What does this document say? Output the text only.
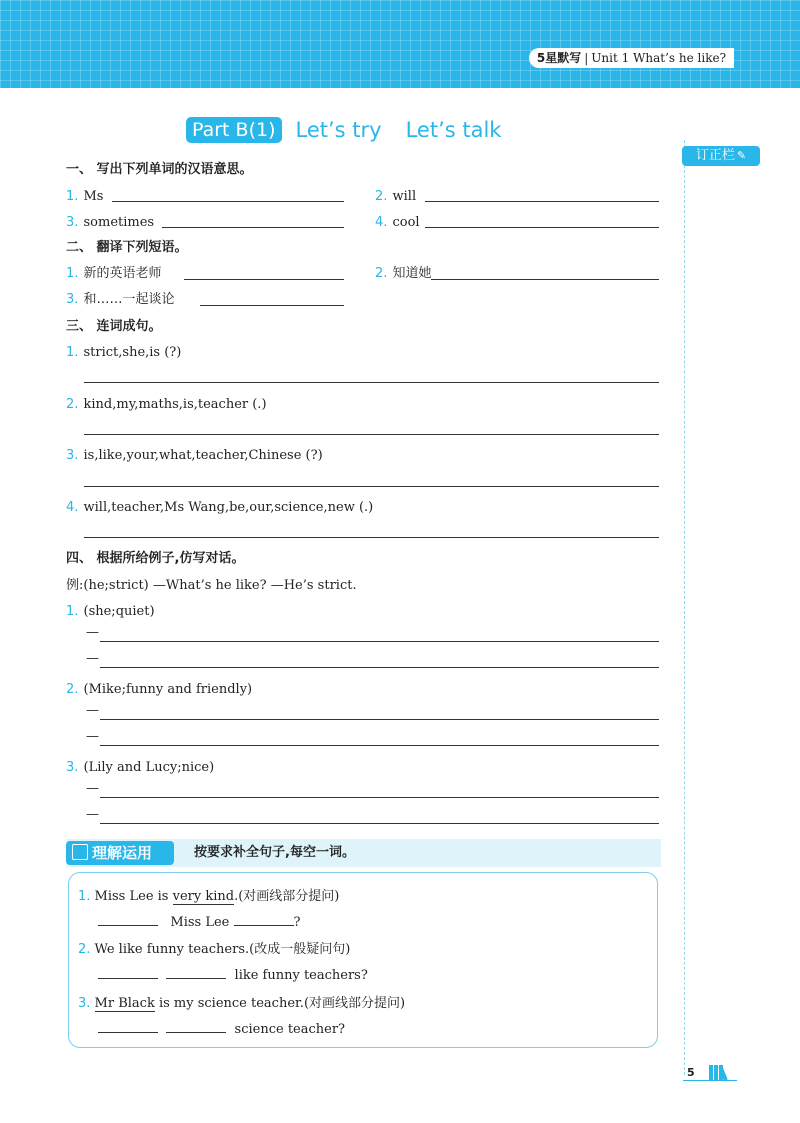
5星默写 | Unit 1 What’s he like?
Part B(1) Let’s try Let’s talk
订正栏 ✎
一、 写出下列单词的汉语意思。
1. Ms	2. will
3. sometimes	4. cool
二、 翻译下列短语。
1. 新的英语老师	2. 知道她
3. 和……一起谈论
三、 连词成句。
1. strict,she,is (?)
2. kind,my,maths,is,teacher (.)
3. is,like,your,what,teacher,Chinese (?)
4. will,teacher,Ms Wang,be,our,science,new (.)
四、 根据所给例子,仿写对话。
例:(he;strict) —What’s he like? —He’s strict.
1. (she;quiet)
—
—
2. (Mike;funny and friendly)
—
—
3. (Lily and Lucy;nice)
—
—
理解运用	按要求补全句子,每空一词。
1. Miss Lee is very kind.(对画线部分提问)
Miss Lee	?
2. We like funny teachers.(改成一般疑问句)
like funny teachers?
3. Mr Black is my science teacher.(对画线部分提问)
science teacher?
5
